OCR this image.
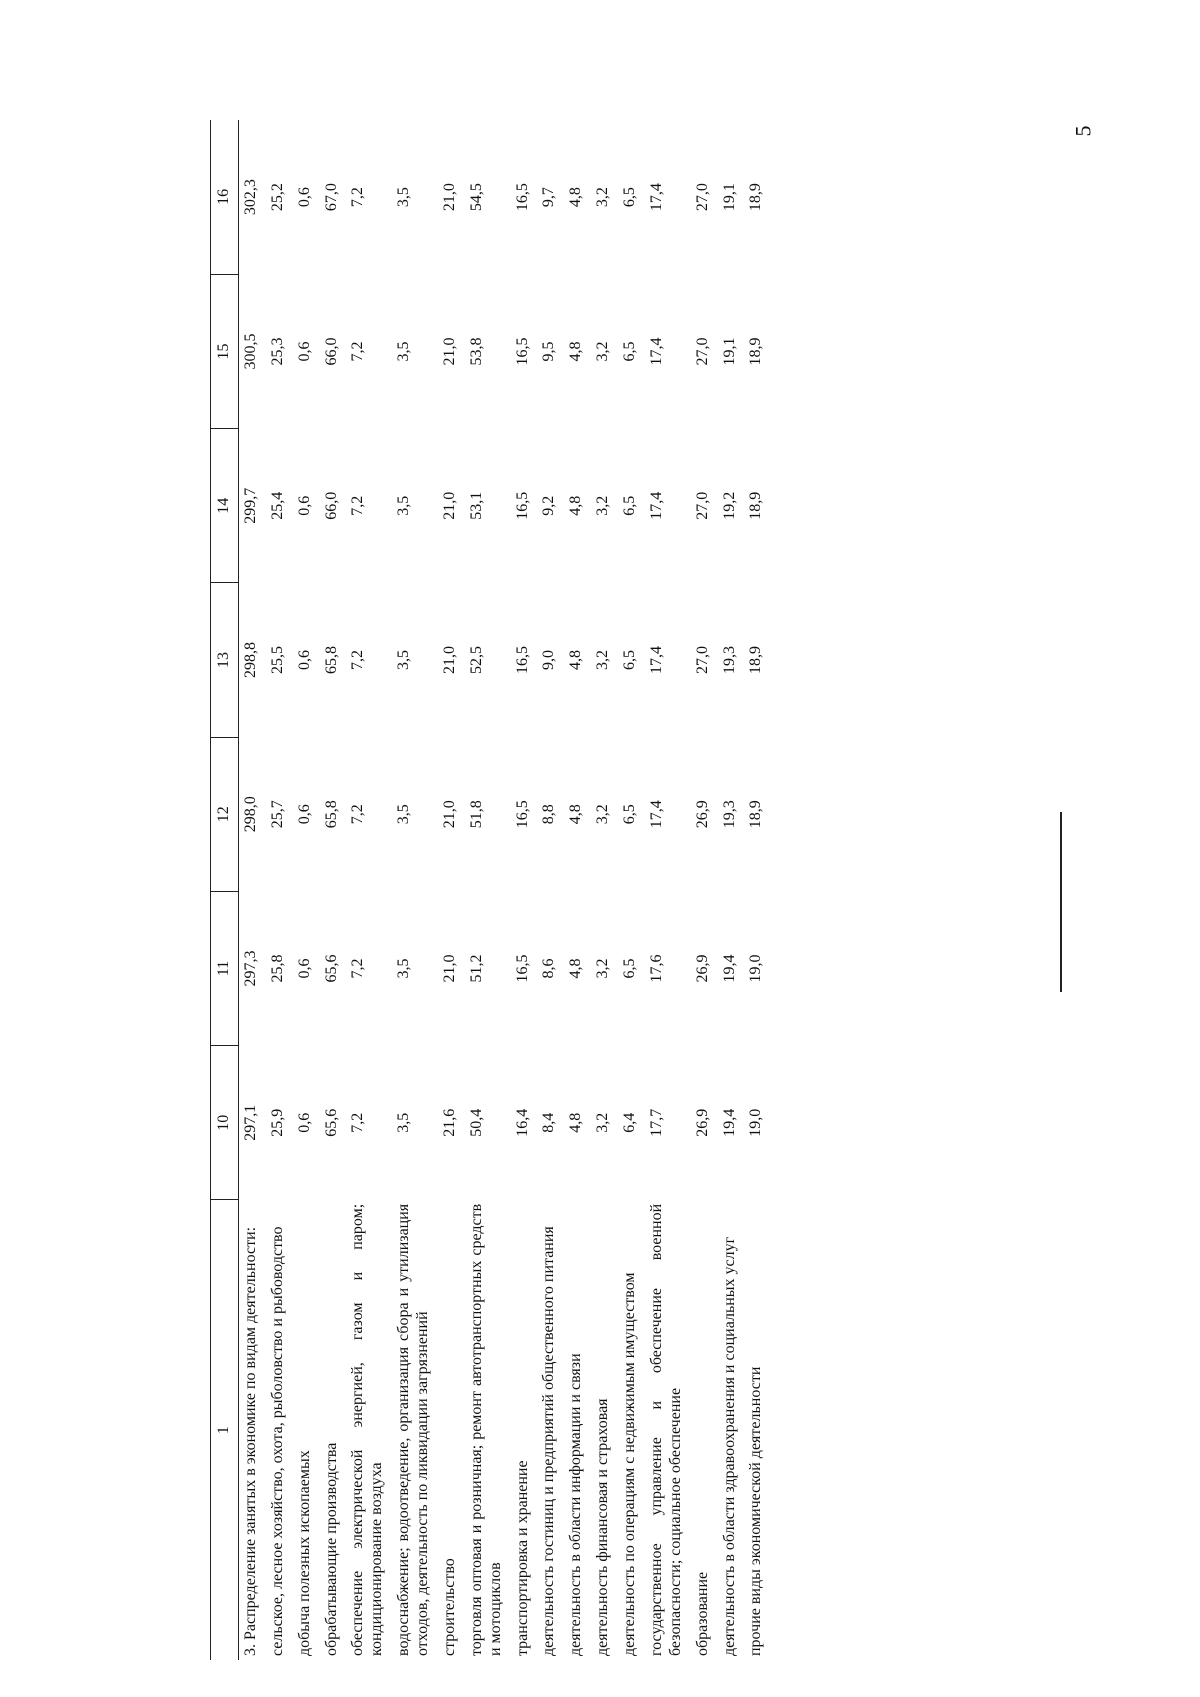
5
1	10	11	12	13	14	15	16
3. Распределение занятых в экономике по видам деятельности:	297,1	297,3	298,0	298,8	299,7	300,5	302,3
сельское, лесное хозяйство, охота, рыболовство и рыбоводство	25,9	25,8	25,7	25,5	25,4	25,3	25,2
добыча полезных ископаемых	0,6	0,6	0,6	0,6	0,6	0,6	0,6
обрабатывающие производства	65,6	65,6	65,8	65,8	66,0	66,0	67,0
обеспечение электрической энергией, газом и паром; кондиционирование воздуха	7,2	7,2	7,2	7,2	7,2	7,2	7,2
водоснабжение; водоотведение, организация сбора и утилизация отходов, деятельность по ликвидации загрязнений	3,5	3,5	3,5	3,5	3,5	3,5	3,5
строительство	21,6	21,0	21,0	21,0	21,0	21,0	21,0
торговля оптовая и розничная; ремонт автотранспортных средств и мотоциклов	50,4	51,2	51,8	52,5	53,1	53,8	54,5
транспортировка и хранение	16,4	16,5	16,5	16,5	16,5	16,5	16,5
деятельность гостиниц и предприятий общественного питания	8,4	8,6	8,8	9,0	9,2	9,5	9,7
деятельность в области информации и связи	4,8	4,8	4,8	4,8	4,8	4,8	4,8
деятельность финансовая и страховая	3,2	3,2	3,2	3,2	3,2	3,2	3,2
деятельность по операциям с недвижимым имуществом	6,4	6,5	6,5	6,5	6,5	6,5	6,5
государственное управление и обеспечение военной безопасности; социальное обеспечение	17,7	17,6	17,4	17,4	17,4	17,4	17,4
образование	26,9	26,9	26,9	27,0	27,0	27,0	27,0
деятельность в области здравоохранения и социальных услуг	19,4	19,4	19,3	19,3	19,2	19,1	19,1
прочие виды экономической деятельности	19,0	19,0	18,9	18,9	18,9	18,9	18,9
